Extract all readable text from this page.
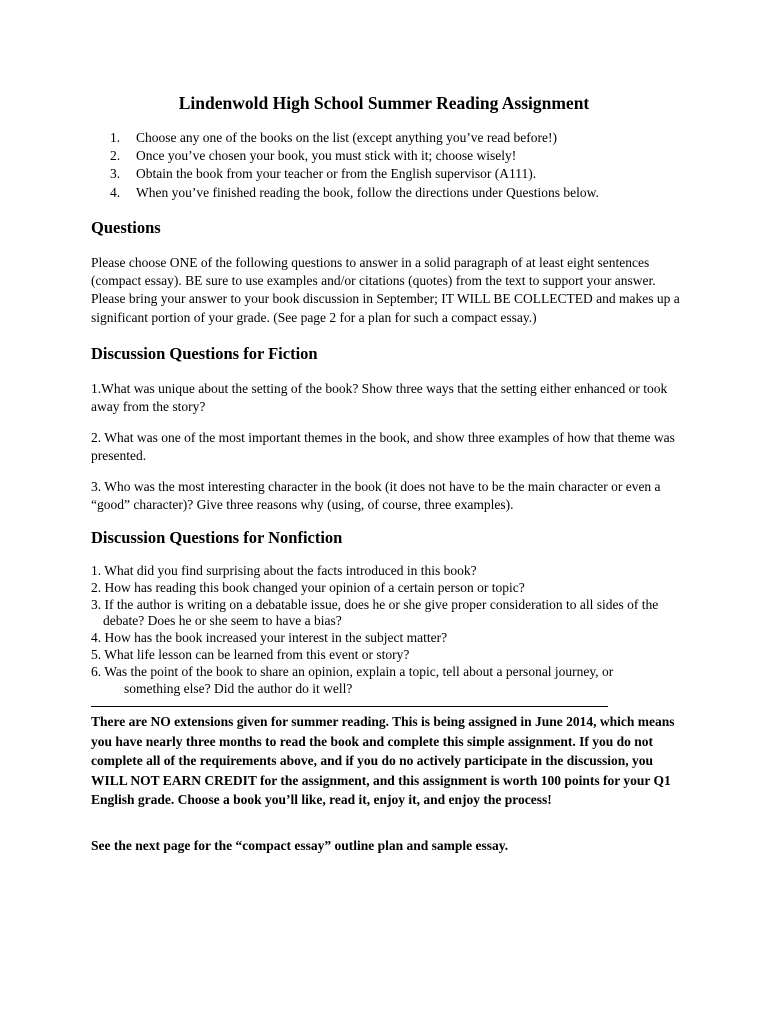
Lindenwold High School Summer Reading Assignment
1.	Choose any one of the books on the list (except anything you’ve read before!)
2.	Once you’ve chosen your book, you must stick with it; choose wisely!
3.	Obtain the book from your teacher or from the English supervisor (A111).
4.	When you’ve finished reading the book, follow the directions under Questions below.
Questions

Please choose ONE of the following questions to answer in a solid paragraph of at least eight sentences (compact essay). BE sure to use examples and/or citations (quotes) from the text to support your answer. Please bring your answer to your book discussion in September; IT WILL BE COLLECTED and makes up a significant portion of your grade. (See page 2 for a plan for such a compact essay.)

Discussion Questions for Fiction

1.What was unique about the setting of the book? Show three ways that the setting either enhanced or took away from the story?

2. What was one of the most important themes in the book, and show three examples of how that theme was presented.

3. Who was the most interesting character in the book (it does not have to be the main character or even a “good” character)? Give three reasons why (using, of course, three examples).

Discussion Questions for Nonfiction
1. What did you find surprising about the facts introduced in this book?
2. How has reading this book changed your opinion of a certain person or topic?
3. If the author is writing on a debatable issue, does he or she give proper consideration to all sides of the
debate? Does he or she seem to have a bias?
4. How has the book increased your interest in the subject matter?
5. What life lesson can be learned from this event or story?
6. Was the point of the book to share an opinion, explain a topic, tell about a personal journey, or
something else? Did the author do it well?

There are NO extensions given for summer reading. This is being assigned in June 2014, which means you have nearly three months to read the book and complete this simple assignment. If you do not complete all of the requirements above, and if you do no actively participate in the discussion, you WILL NOT EARN CREDIT for the assignment, and this assignment is worth 100 points for your Q1 English grade. Choose a book you’ll like, read it, enjoy it, and enjoy the process!

See the next page for the “compact essay” outline plan and sample essay.
